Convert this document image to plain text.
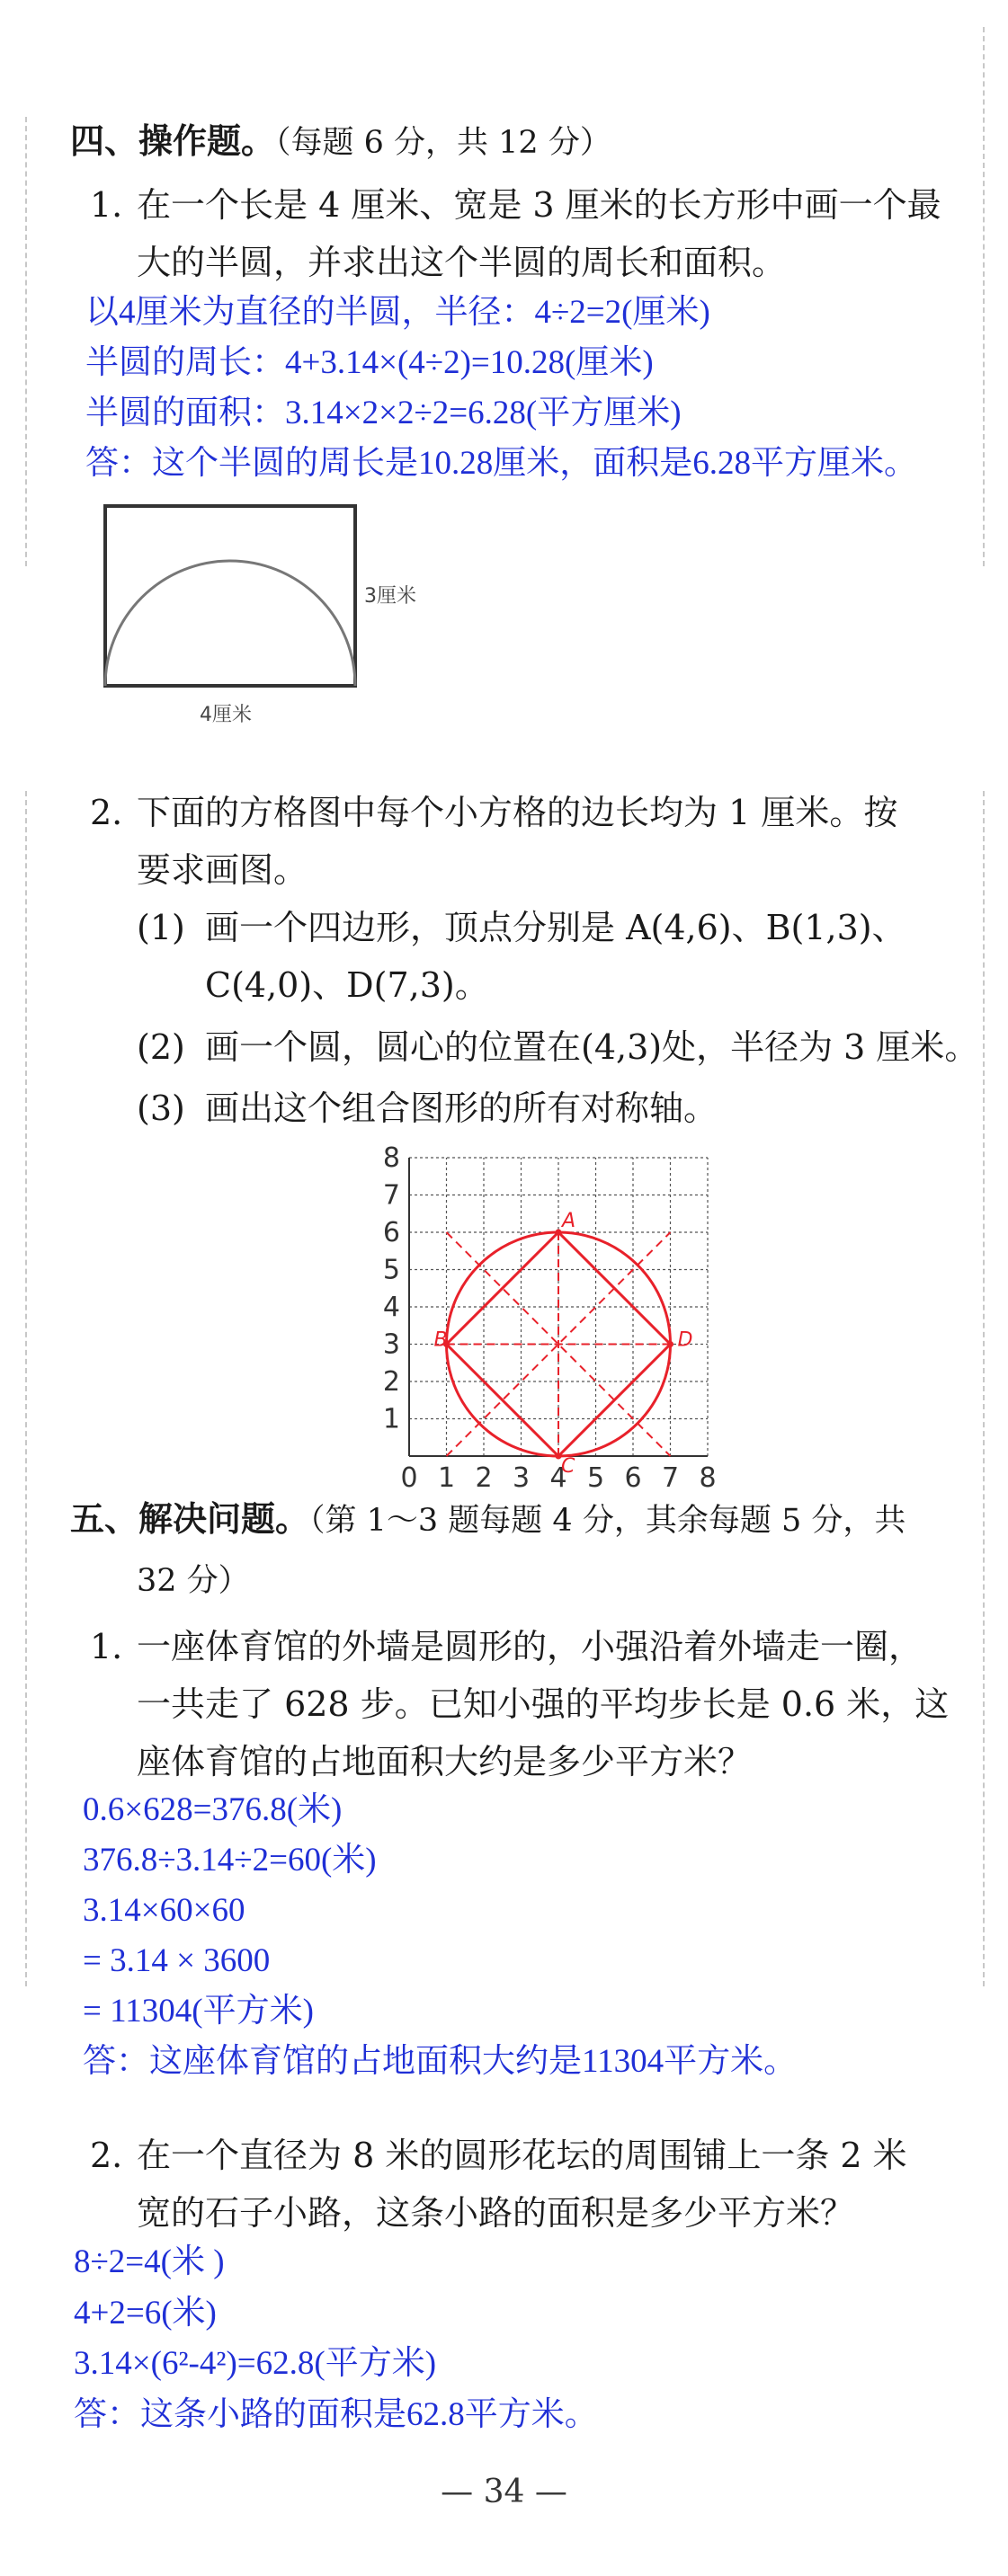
四、操作题。（每题 6 分，共 12 分）
1. 在一个长是 4 厘米、宽是 3 厘米的长方形中画一个最
大的半圆，并求出这个半圆的周长和面积。
以4厘米为直径的半圆，半径：4÷2=2(厘米)
半圆的周长：4+3.14×(4÷2)=10.28(厘米)
半圆的面积：3.14×2×2÷2=6.28(平方厘米)
答：这个半圆的周长是10.28厘米，面积是6.28平方厘米。
3厘米
4厘米
2. 下面的方格图中每个小方格的边长均为 1 厘米。按
要求画图。
(1) 画一个四边形，顶点分别是 A(4,6)、B(1,3)、
C(4,0)、D(7,3)。
(2) 画一个圆，圆心的位置在(4,3)处，半径为 3 厘米。
(3) 画出这个组合图形的所有对称轴。
0 1 2 3 4 5 6 7 8
1
2
3
4
5
6
7
8
A
B
C
D
五、解决问题。（第 1～3 题每题 4 分，其余每题 5 分，共
32 分）
1. 一座体育馆的外墙是圆形的，小强沿着外墙走一圈，
一共走了 628 步。已知小强的平均步长是 0.6 米，这
座体育馆的占地面积大约是多少平方米？
0.6×628=376.8(米)
376.8÷3.14÷2=60(米)
3.14×60×60
= 3.14 × 3600
= 11304(平方米)
答：这座体育馆的占地面积大约是11304平方米。
2. 在一个直径为 8 米的圆形花坛的周围铺上一条 2 米
宽的石子小路，这条小路的面积是多少平方米？
8÷2=4(米 )
4+2=6(米)
3.14×(6²-4²)=62.8(平方米)
答：这条小路的面积是62.8平方米。
— 34 —
